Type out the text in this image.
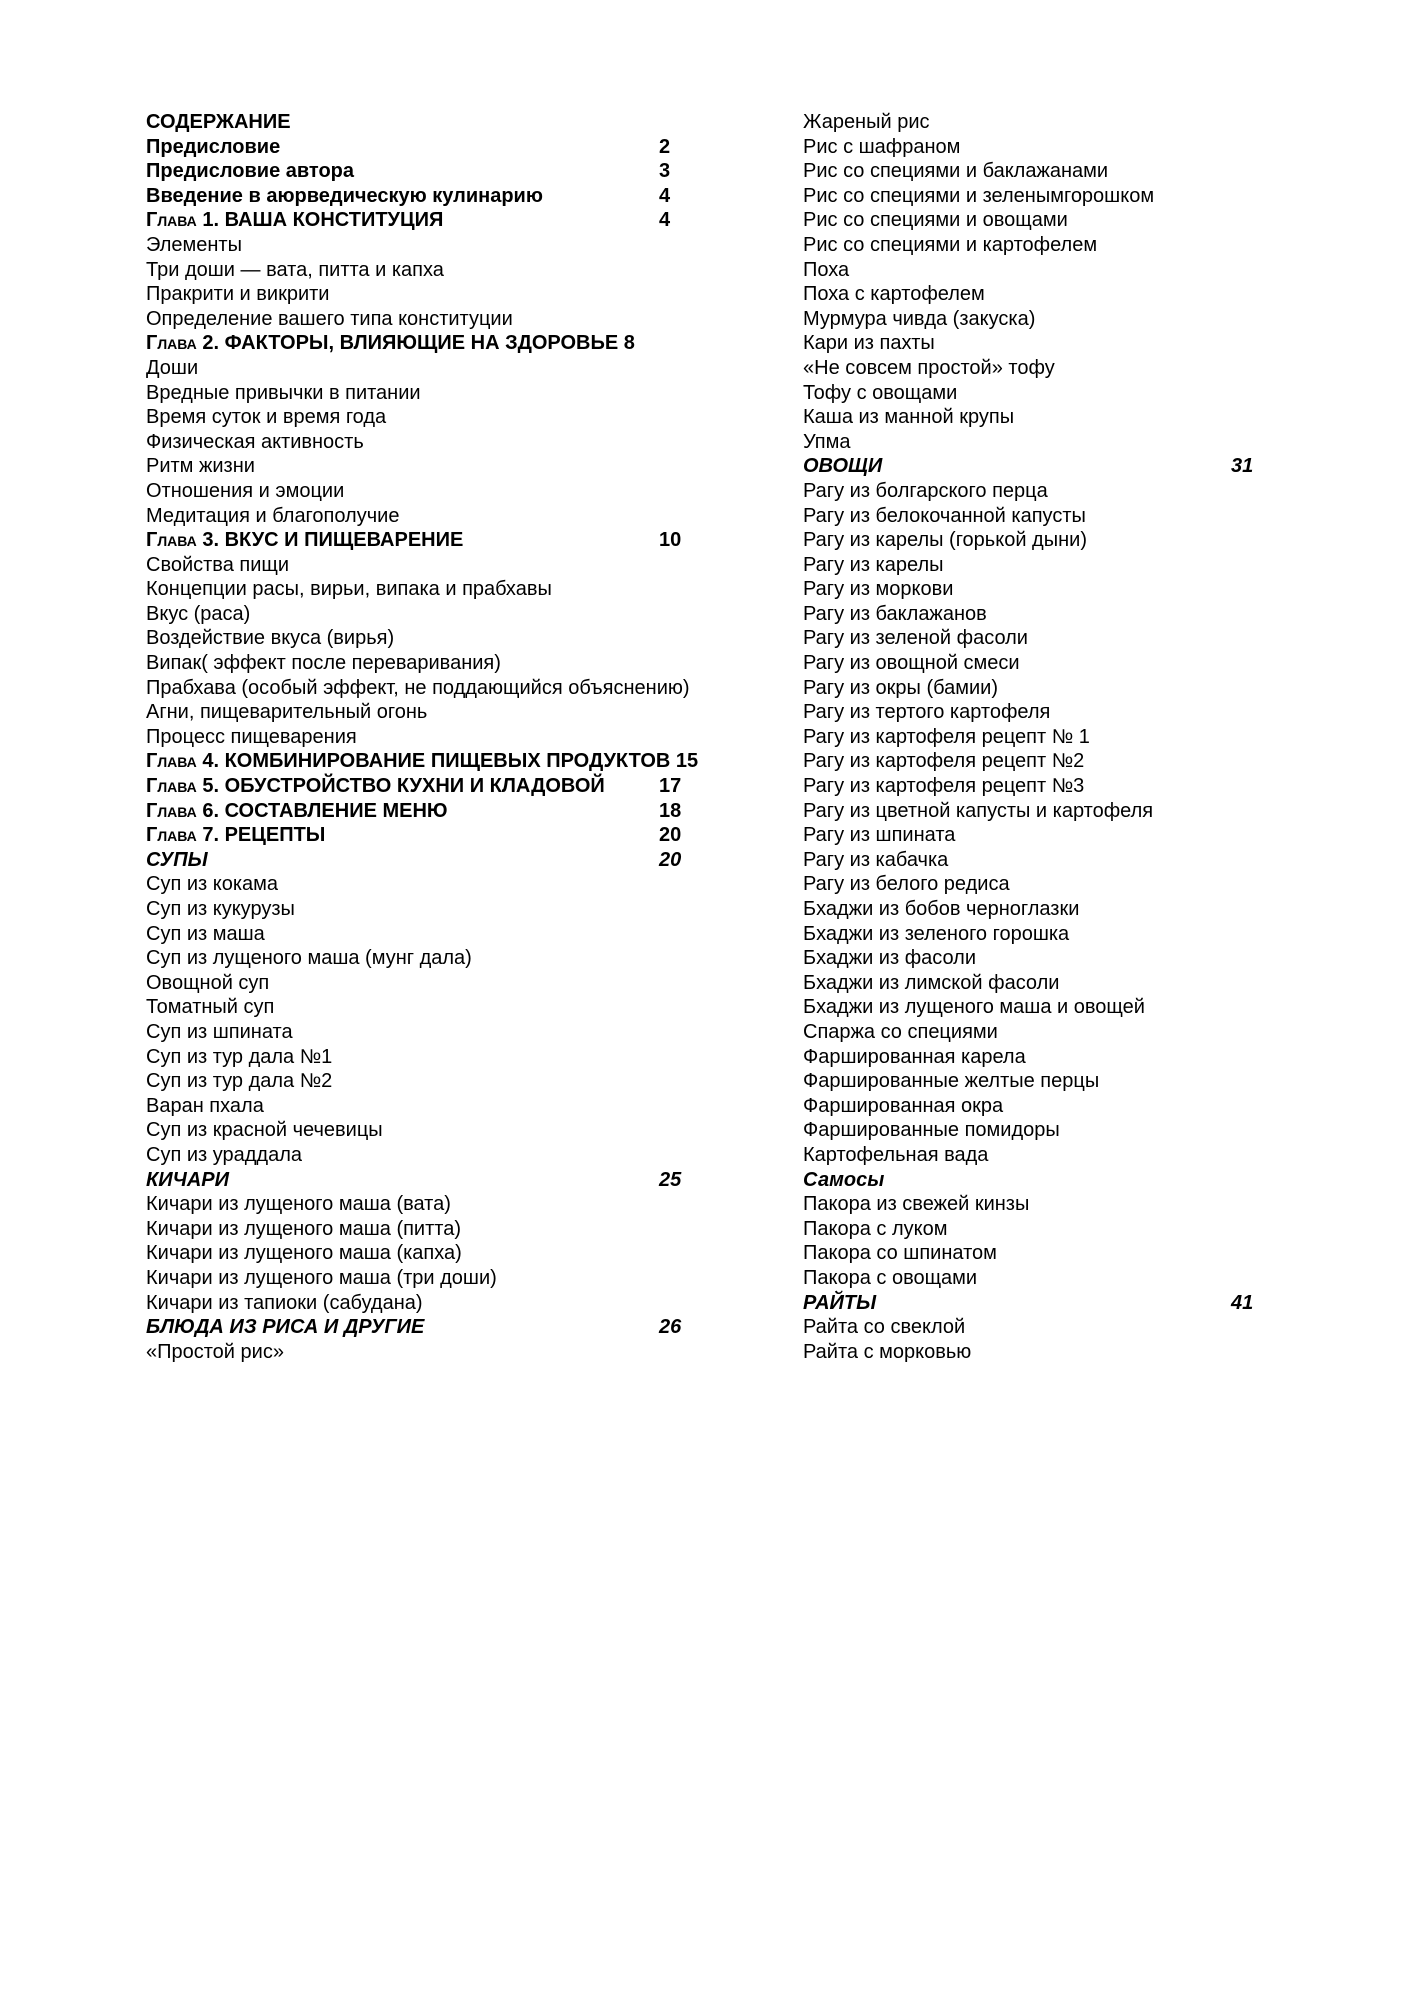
СОДЕРЖАНИЕ
Предисловие	2
Предисловие автора	3
Введение в аюрведическую кулинарию	4
Глава 1. ВАША КОНСТИТУЦИЯ	4
Элементы
Три доши — вата, питта и капха
Пракрити и викрити
Определение вашего типа конституции
Глава 2. ФАКТОРЫ, ВЛИЯЮЩИЕ НА ЗДОРОВЬЕ 8
Доши
Вредные привычки в питании
Время суток и время года
Физическая активность
Ритм жизни
Отношения и эмоции
Медитация и благополучие
Глава 3. ВКУС И ПИЩЕВАРЕНИЕ	10
Свойства пищи
Концепции расы, вирьи, випака и прабхавы
Вкус (раса)
Воздействие вкуса (вирья)
Випак( эффект после переваривания)
Прабхава (особый эффект, не поддающийся объяснению)
Агни, пищеварительный огонь
Процесс пищеварения
Глава 4. КОМБИНИРОВАНИЕ ПИЩЕВЫХ ПРОДУКТОВ 15
Глава 5. ОБУСТРОЙСТВО КУХНИ И КЛАДОВОЙ	17
Глава 6. СОСТАВЛЕНИЕ МЕНЮ	18
Глава 7. РЕЦЕПТЫ	20
СУПЫ	20
Суп из кокама
Суп из кукурузы
Суп из маша
Суп из лущеного маша (мунг дала)
Овощной суп
Томатный суп
Суп из шпината
Суп из тур дала №1
Суп из тур дала №2
Варан пхала
Суп из красной чечевицы
Суп из ураддала
КИЧАРИ	25
Кичари из лущеного маша (вата)
Кичари из лущеного маша (питта)
Кичари из лущеного маша (капха)
Кичари из лущеного маша (три доши)
Кичари из тапиоки (сабудана)
БЛЮДА ИЗ РИСА И ДРУГИЕ	26
«Простой рис»
Жареный рис
Рис с шафраном
Рис со специями и баклажанами
Рис со специями и зеленымгорошком
Рис со специями и овощами
Рис со специями и картофелем
Поха
Поха с картофелем
Мурмура чивда (закуска)
Кари из пахты
«Не совсем простой» тофу
Тофу с овощами
Каша из манной крупы
Упма
ОВОЩИ	31
Рагу из болгарского перца
Рагу из белокочанной капусты
Рагу из карелы (горькой дыни)
Рагу из карелы
Рагу из моркови
Рагу из баклажанов
Рагу из зеленой фасоли
Рагу из овощной смеси
Рагу из окры (бамии)
Рагу из тертого картофеля
Рагу из картофеля рецепт № 1
Рагу из картофеля рецепт №2
Рагу из картофеля рецепт №3
Рагу из цветной капусты и картофеля
Рагу из шпината
Рагу из кабачка
Рагу из белого редиса
Бхаджи из бобов черноглазки
Бхаджи из зеленого горошка
Бхаджи из фасоли
Бхаджи из лимской фасоли
Бхаджи из лущеного маша и овощей
Спаржа со специями
Фаршированная карела
Фаршированные желтые перцы
Фаршированная окра
Фаршированные помидоры
Картофельная вада
Самосы
Пакора из свежей кинзы
Пакора с луком
Пакора со шпинатом
Пакора с овощами
РАЙТЫ	41
Райта со свеклой
Райта с морковью
